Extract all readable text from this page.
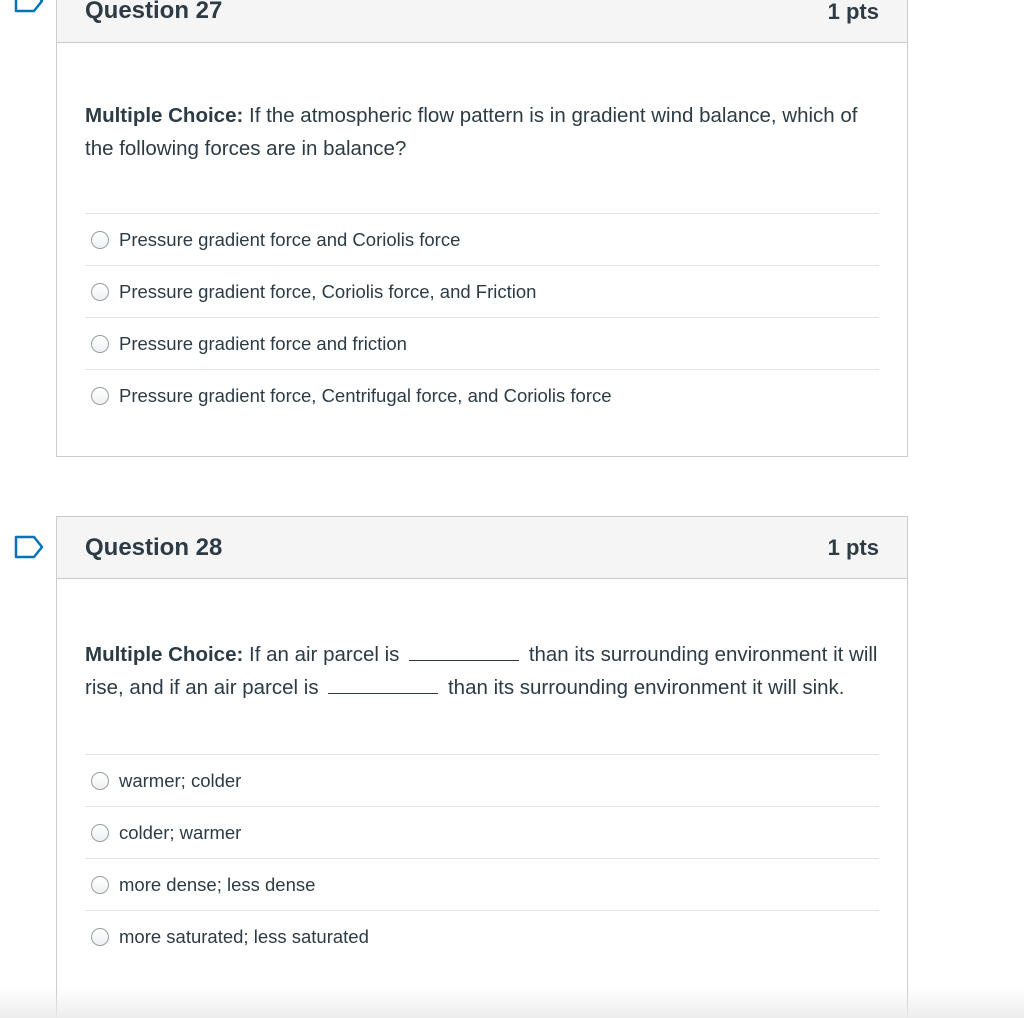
Question 27	1 pts
Multiple Choice: If the atmospheric flow pattern is in gradient wind balance, which of the following forces are in balance?
Pressure gradient force and Coriolis force
Pressure gradient force, Coriolis force, and Friction
Pressure gradient force and friction
Pressure gradient force, Centrifugal force, and Coriolis force
Question 28	1 pts
Multiple Choice: If an air parcel is	than its surrounding environment it will rise, and if an air parcel is	than its surrounding environment it will sink.
warmer; colder
colder; warmer
more dense; less dense
more saturated; less saturated
